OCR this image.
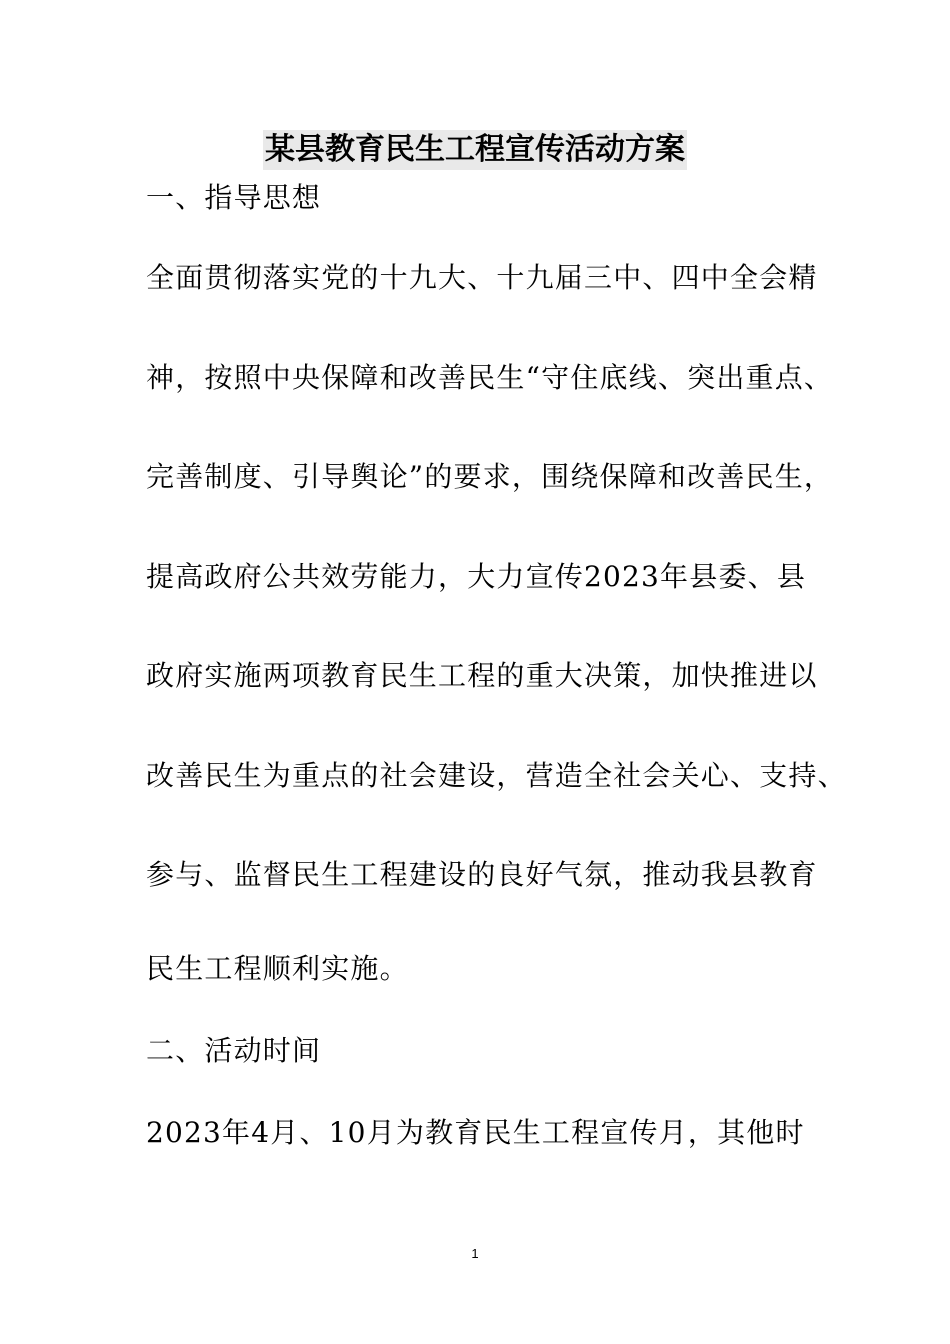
某县教育民生工程宣传活动方案
一、指导思想
全面贯彻落实党的十九大、十九届三中、四中全会精
神，按照中央保障和改善民生“守住底线、突出重点、
完善制度、引导舆论”的要求，围绕保障和改善民生，
提高政府公共效劳能力，大力宣传2023年县委、县
政府实施两项教育民生工程的重大决策，加快推进以
改善民生为重点的社会建设，营造全社会关心、支持、
参与、监督民生工程建设的良好气氛，推动我县教育
民生工程顺利实施。
二、活动时间
2023年4月、10月为教育民生工程宣传月，其他时
1
